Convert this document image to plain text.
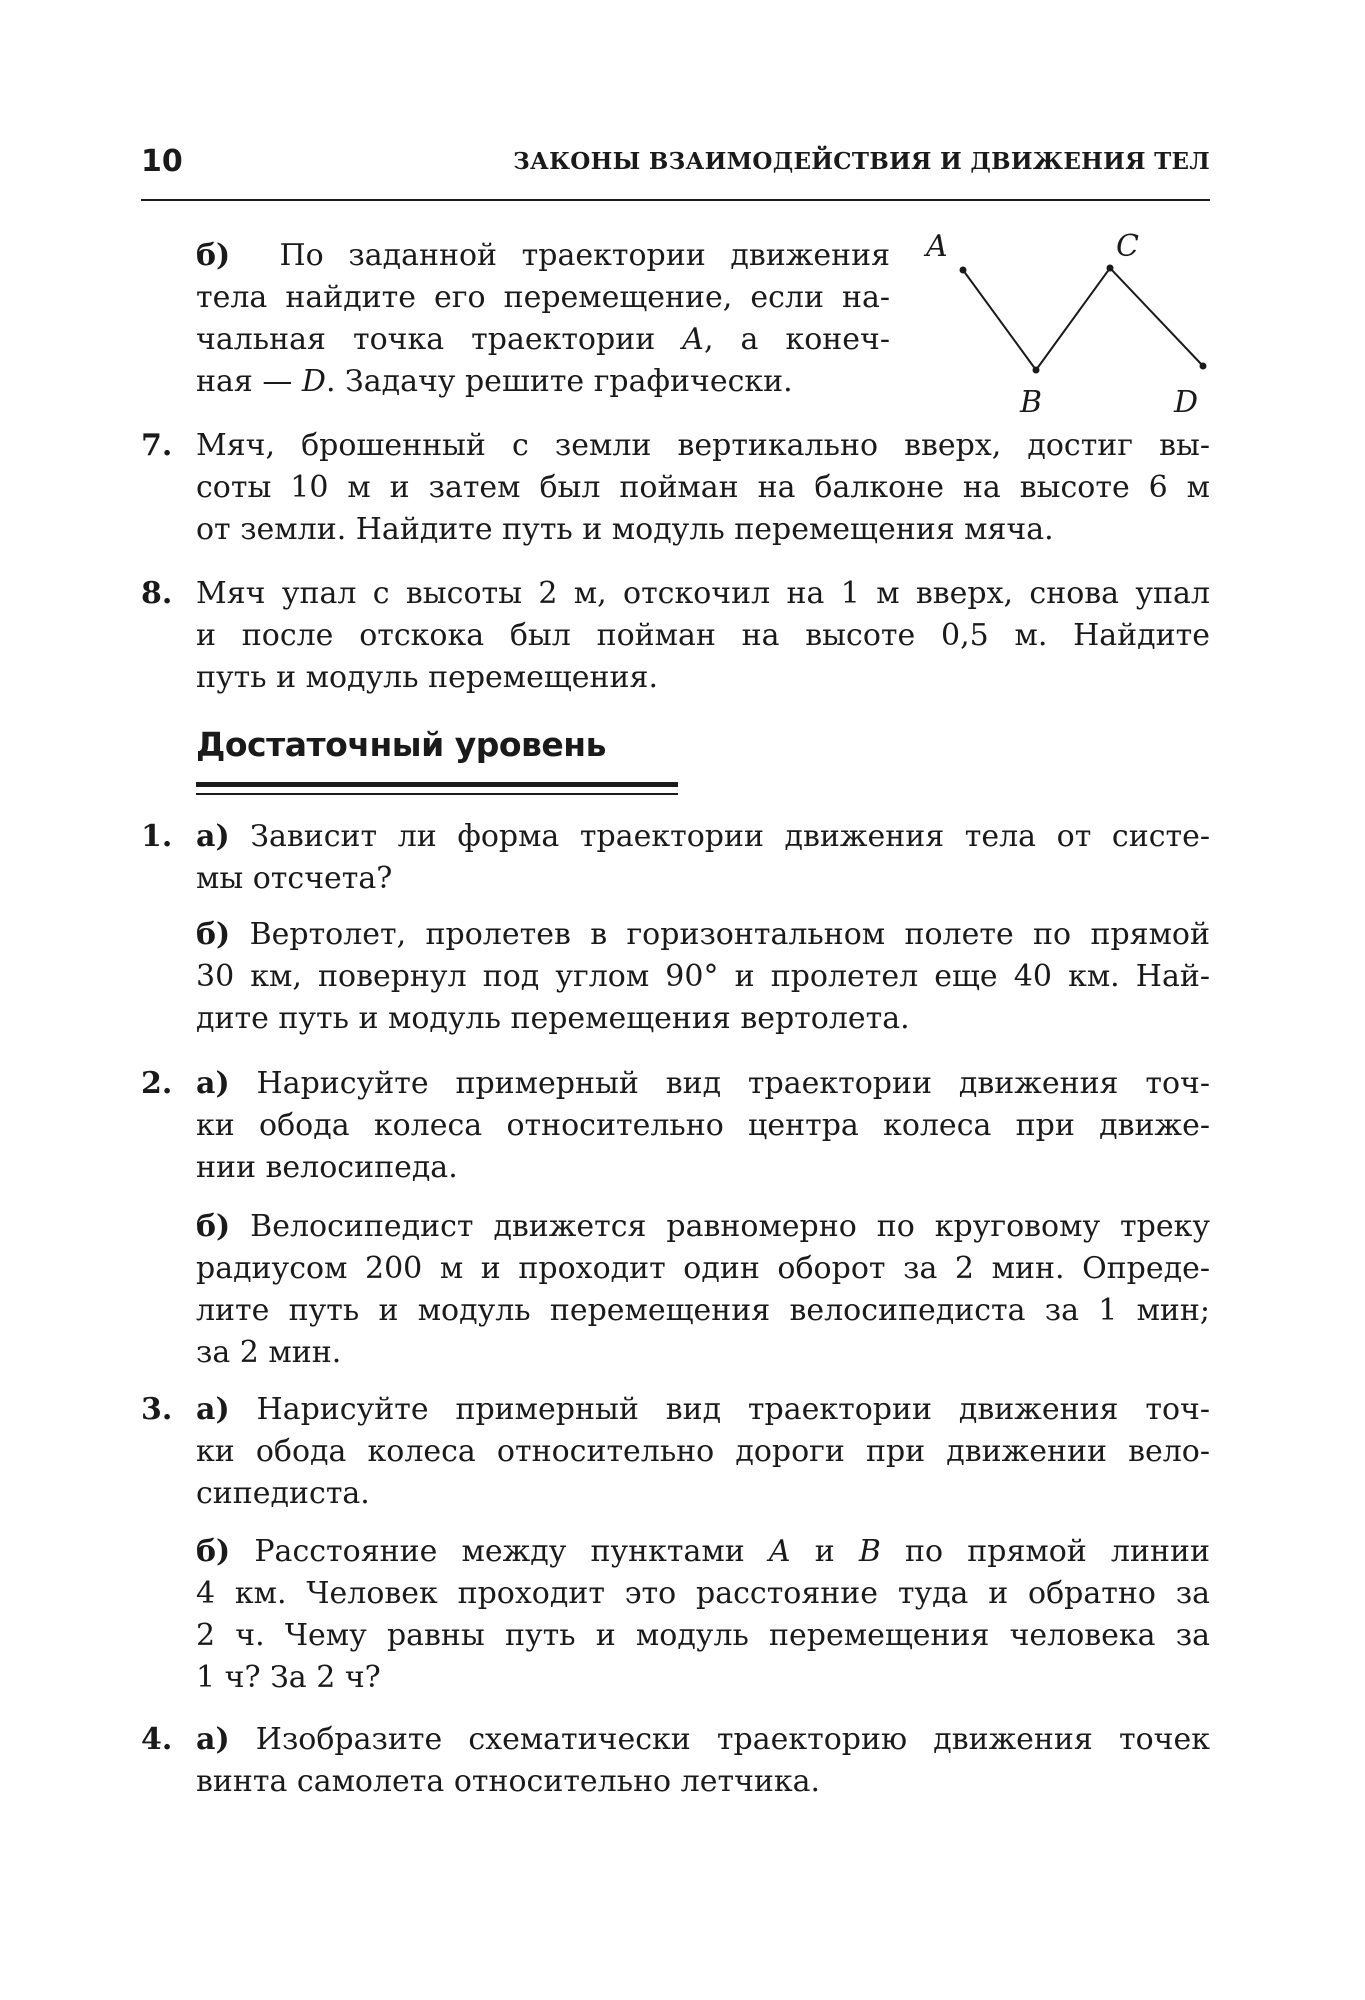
10	ЗАКОНЫ ВЗАИМОДЕЙСТВИЯ И ДВИЖЕНИЯ ТЕЛ
б) По заданной траектории движения
тела найдите его перемещение, если на-
чальная точка траектории A, а конеч-
ная — D. Задачу решите графически.
A
B
C
D
7. Мяч, брошенный с земли вертикально вверх, достиг вы-
соты 10 м и затем был пойман на балконе на высоте 6 м
от земли. Найдите путь и модуль перемещения мяча.
8. Мяч упал с высоты 2 м, отскочил на 1 м вверх, снова упал
и после отскока был пойман на высоте 0,5 м. Найдите
путь и модуль перемещения.
Достаточный уровень
1. а) Зависит ли форма траектории движения тела от систе-
мы отсчета?
б) Вертолет, пролетев в горизонтальном полете по прямой
30 км, повернул под углом 90° и пролетел еще 40 км. Най-
дите путь и модуль перемещения вертолета.
2. а) Нарисуйте примерный вид траектории движения точ-
ки обода колеса относительно центра колеса при движе-
нии велосипеда.
б) Велосипедист движется равномерно по круговому треку
радиусом 200 м и проходит один оборот за 2 мин. Опреде-
лите путь и модуль перемещения велосипедиста за 1 мин;
за 2 мин.
3. а) Нарисуйте примерный вид траектории движения точ-
ки обода колеса относительно дороги при движении вело-
сипедиста.
б) Расстояние между пунктами A и B по прямой линии
4 км. Человек проходит это расстояние туда и обратно за
2 ч. Чему равны путь и модуль перемещения человека за
1 ч? За 2 ч?
4. а) Изобразите схематически траекторию движения точек
винта самолета относительно летчика.
